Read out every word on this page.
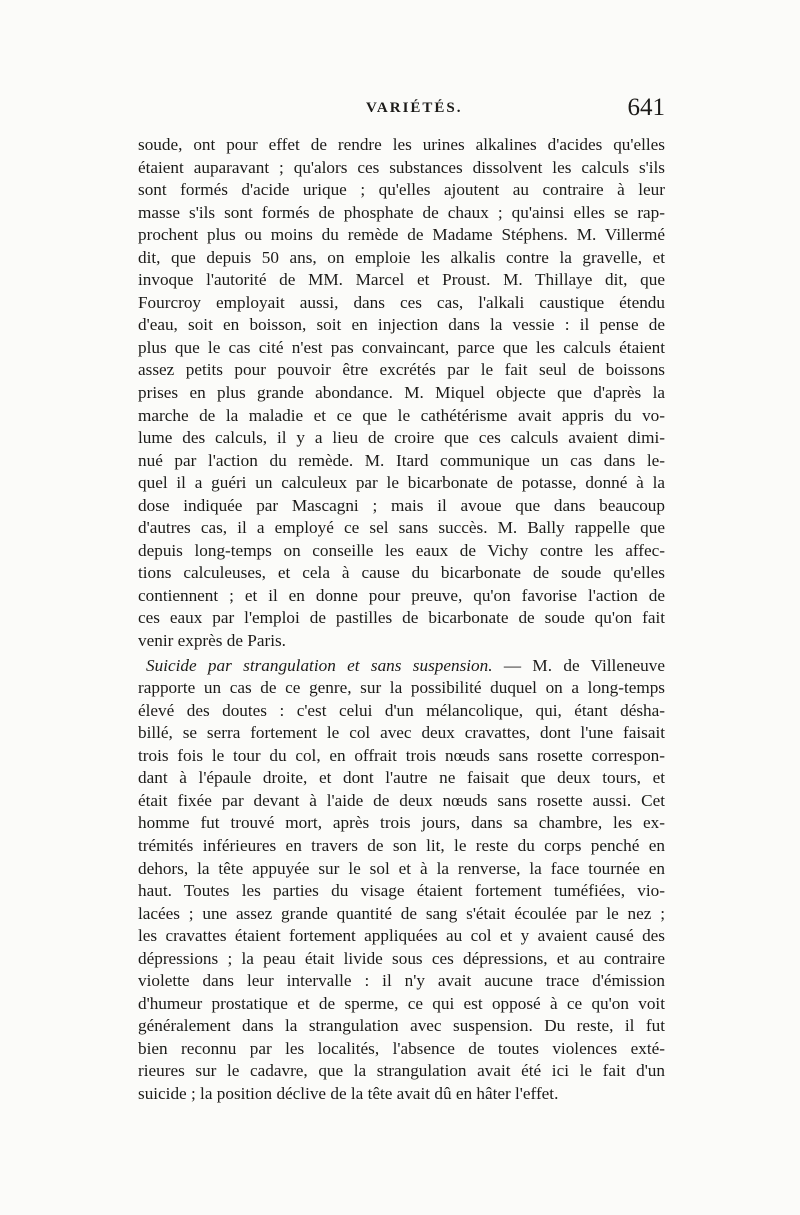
VARIÉTÉS.	641
soude, ont pour effet de rendre les urines alkalines d'acides qu'elles
étaient auparavant ; qu'alors ces substances dissolvent les calculs s'ils
sont formés d'acide urique ; qu'elles ajoutent au contraire à leur
masse s'ils sont formés de phosphate de chaux ; qu'ainsi elles se rap-
prochent plus ou moins du remède de Madame Stéphens. M. Villermé
dit, que depuis 50 ans, on emploie les alkalis contre la gravelle, et
invoque l'autorité de MM. Marcel et Proust. M. Thillaye dit, que
Fourcroy employait aussi, dans ces cas, l'alkali caustique étendu
d'eau, soit en boisson, soit en injection dans la vessie : il pense de
plus que le cas cité n'est pas convaincant, parce que les calculs étaient
assez petits pour pouvoir être excrétés par le fait seul de boissons
prises en plus grande abondance. M. Miquel objecte que d'après la
marche de la maladie et ce que le cathétérisme avait appris du vo-
lume des calculs, il y a lieu de croire que ces calculs avaient dimi-
nué par l'action du remède. M. Itard communique un cas dans le-
quel il a guéri un calculeux par le bicarbonate de potasse, donné à la
dose indiquée par Mascagni ; mais il avoue que dans beaucoup
d'autres cas, il a employé ce sel sans succès. M. Bally rappelle que
depuis long-temps on conseille les eaux de Vichy contre les affec-
tions calculeuses, et cela à cause du bicarbonate de soude qu'elles
contiennent ; et il en donne pour preuve, qu'on favorise l'action de
ces eaux par l'emploi de pastilles de bicarbonate de soude qu'on fait
venir exprès de Paris.
Suicide par strangulation et sans suspension. — M. de Villeneuve
rapporte un cas de ce genre, sur la possibilité duquel on a long-temps
élevé des doutes : c'est celui d'un mélancolique, qui, étant désha-
billé, se serra fortement le col avec deux cravattes, dont l'une faisait
trois fois le tour du col, en offrait trois nœuds sans rosette correspon-
dant à l'épaule droite, et dont l'autre ne faisait que deux tours, et
était fixée par devant à l'aide de deux nœuds sans rosette aussi. Cet
homme fut trouvé mort, après trois jours, dans sa chambre, les ex-
trémités inférieures en travers de son lit, le reste du corps penché en
dehors, la tête appuyée sur le sol et à la renverse, la face tournée en
haut. Toutes les parties du visage étaient fortement tuméfiées, vio-
lacées ; une assez grande quantité de sang s'était écoulée par le nez ;
les cravattes étaient fortement appliquées au col et y avaient causé des
dépressions ; la peau était livide sous ces dépressions, et au contraire
violette dans leur intervalle : il n'y avait aucune trace d'émission
d'humeur prostatique et de sperme, ce qui est opposé à ce qu'on voit
généralement dans la strangulation avec suspension. Du reste, il fut
bien reconnu par les localités, l'absence de toutes violences exté-
rieures sur le cadavre, que la strangulation avait été ici le fait d'un
suicide ; la position déclive de la tête avait dû en hâter l'effet.
